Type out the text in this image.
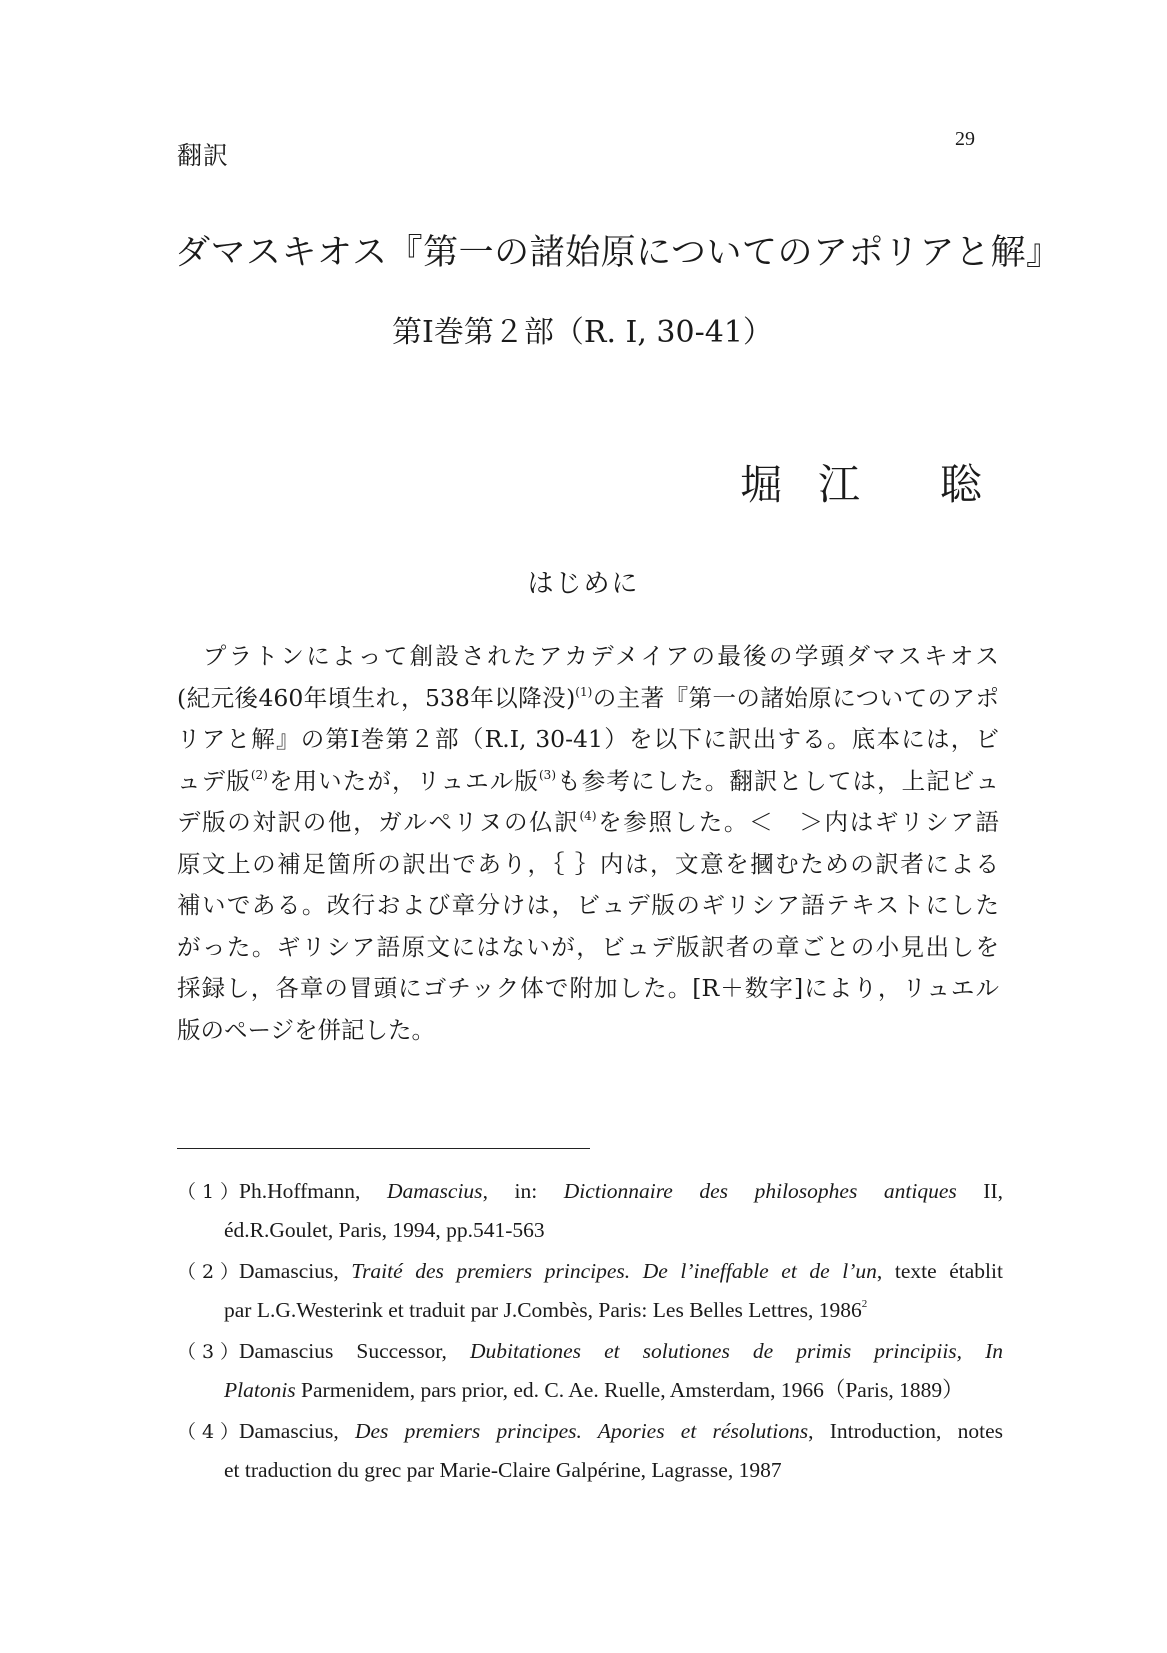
翻訳
29
ダマスキオス『第一の諸始原についてのアポリアと解』
第Ⅰ巻第２部（R. I, 30-41）
堀 江 聡
はじめに
　プラトンによって創設されたアカデメイアの最後の学頭ダマスキオス
(紀元後460年頃生れ，538年以降没)$^{(1)}$の主著『第一の諸始原についてのアポ
リアと解』の第Ⅰ巻第２部（R.I, 30-41）を以下に訳出する。底本には，ビ
ュデ版$^{(2)}$を用いたが，リュエル版$^{(3)}$も参考にした。翻訳としては，上記ビュ
デ版の対訳の他，ガルペリヌの仏訳$^{(4)}$を参照した。＜　＞内はギリシア語
原文上の補足箇所の訳出であり，｛ ｝内は，文意を摑むための訳者による
補いである。改行および章分けは，ビュデ版のギリシア語テキストにした
がった。ギリシア語原文にはないが，ビュデ版訳者の章ごとの小見出しを
採録し，各章の冒頭にゴチック体で附加した。[R＋数字]により，リュエル
版のページを併記した。
（1）Ph.Hoffmann, Damascius, in: Dictionnaire des philosophes antiques II,
éd.R.Goulet, Paris, 1994, pp.541-563
（2）Damascius, Traité des premiers principes. De l’ineffable et de l’un, texte établit
par L.G.Westerink et traduit par J.Combès, Paris: Les Belles Lettres, 1986$^2$
（3）Damascius Successor, Dubitationes et solutiones de primis principiis, In
Platonis Parmenidem, pars prior, ed. C. Ae. Ruelle, Amsterdam, 1966（Paris, 1889）
（4）Damascius, Des premiers principes. Apories et résolutions, Introduction, notes
et traduction du grec par Marie-Claire Galpérine, Lagrasse, 1987
